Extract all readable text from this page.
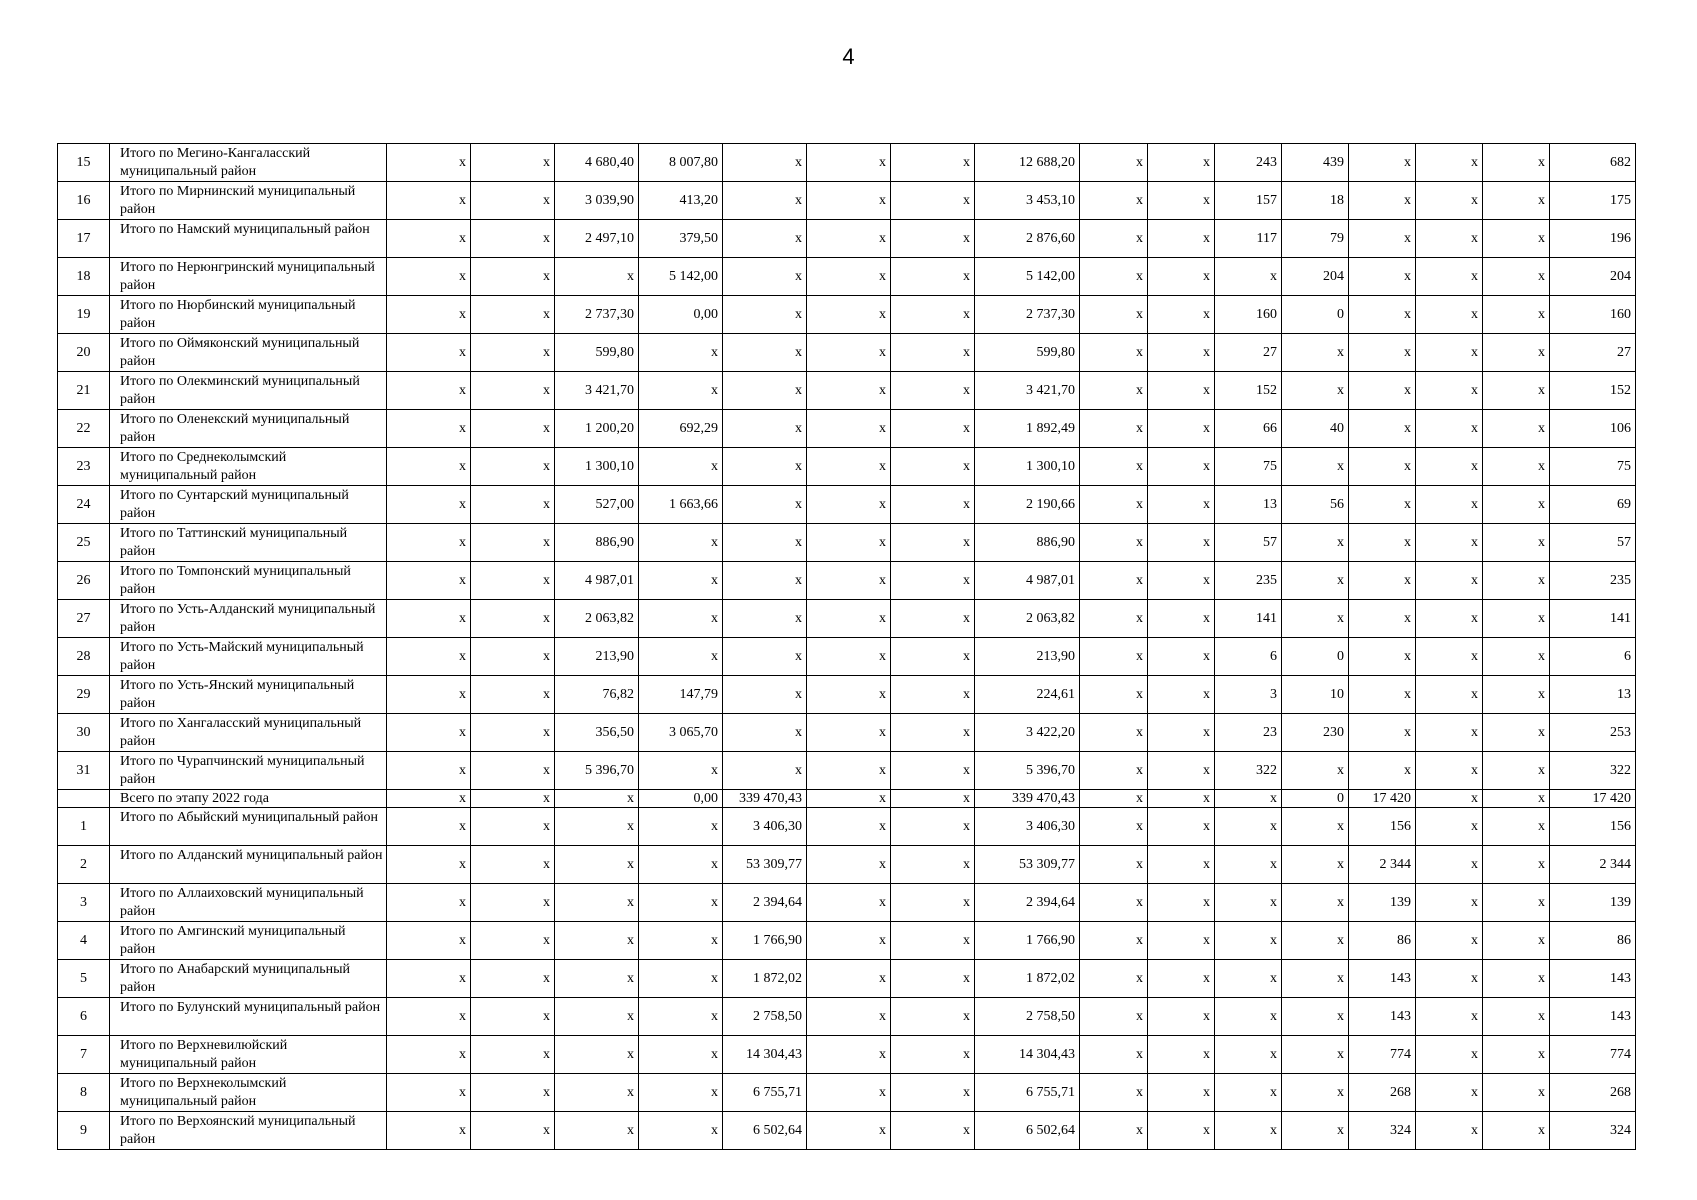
4
15	Итого по Мегино-Кангаласский муниципальный район	x	x	4 680,40	8 007,80	x	x	x	12 688,20	x	x	243	439	x	x	x	682
16	Итого по Мирнинский муниципальный район	x	x	3 039,90	413,20	x	x	x	3 453,10	x	x	157	18	x	x	x	175
17	Итого по Намский муниципальный район	x	x	2 497,10	379,50	x	x	x	2 876,60	x	x	117	79	x	x	x	196
18	Итого по Нерюнгринский муниципальный район	x	x	x	5 142,00	x	x	x	5 142,00	x	x	x	204	x	x	x	204
19	Итого по Нюрбинский муниципальный район	x	x	2 737,30	0,00	x	x	x	2 737,30	x	x	160	0	x	x	x	160
20	Итого по Оймяконский муниципальный район	x	x	599,80	x	x	x	x	599,80	x	x	27	x	x	x	x	27
21	Итого по Олекминский муниципальный район	x	x	3 421,70	x	x	x	x	3 421,70	x	x	152	x	x	x	x	152
22	Итого по Оленекский муниципальный район	x	x	1 200,20	692,29	x	x	x	1 892,49	x	x	66	40	x	x	x	106
23	Итого по Среднеколымский муниципальный район	x	x	1 300,10	x	x	x	x	1 300,10	x	x	75	x	x	x	x	75
24	Итого по Сунтарский муниципальный район	x	x	527,00	1 663,66	x	x	x	2 190,66	x	x	13	56	x	x	x	69
25	Итого по Таттинский муниципальный район	x	x	886,90	x	x	x	x	886,90	x	x	57	x	x	x	x	57
26	Итого по Томпонский муниципальный район	x	x	4 987,01	x	x	x	x	4 987,01	x	x	235	x	x	x	x	235
27	Итого по Усть-Алданский муниципальный район	x	x	2 063,82	x	x	x	x	2 063,82	x	x	141	x	x	x	x	141
28	Итого по Усть-Майский муниципальный район	x	x	213,90	x	x	x	x	213,90	x	x	6	0	x	x	x	6
29	Итого по Усть-Янский муниципальный район	x	x	76,82	147,79	x	x	x	224,61	x	x	3	10	x	x	x	13
30	Итого по Хангаласский муниципальный район	x	x	356,50	3 065,70	x	x	x	3 422,20	x	x	23	230	x	x	x	253
31	Итого по Чурапчинский муниципальный район	x	x	5 396,70	x	x	x	x	5 396,70	x	x	322	x	x	x	x	322
	Всего по этапу 2022 года	x	x	x	0,00	339 470,43	x	x	339 470,43	x	x	x	0	17 420	x	x	17 420
1	Итого по Абыйский муниципальный район	x	x	x	x	3 406,30	x	x	3 406,30	x	x	x	x	156	x	x	156
2	Итого по Алданский муниципальный район	x	x	x	x	53 309,77	x	x	53 309,77	x	x	x	x	2 344	x	x	2 344
3	Итого по Аллаиховский муниципальный район	x	x	x	x	2 394,64	x	x	2 394,64	x	x	x	x	139	x	x	139
4	Итого по Амгинский муниципальный район	x	x	x	x	1 766,90	x	x	1 766,90	x	x	x	x	86	x	x	86
5	Итого по Анабарский муниципальный район	x	x	x	x	1 872,02	x	x	1 872,02	x	x	x	x	143	x	x	143
6	Итого по Булунский муниципальный район	x	x	x	x	2 758,50	x	x	2 758,50	x	x	x	x	143	x	x	143
7	Итого по Верхневилюйский муниципальный район	x	x	x	x	14 304,43	x	x	14 304,43	x	x	x	x	774	x	x	774
8	Итого по Верхнеколымский муниципальный район	x	x	x	x	6 755,71	x	x	6 755,71	x	x	x	x	268	x	x	268
9	Итого по Верхоянский муниципальный район	x	x	x	x	6 502,64	x	x	6 502,64	x	x	x	x	324	x	x	324
